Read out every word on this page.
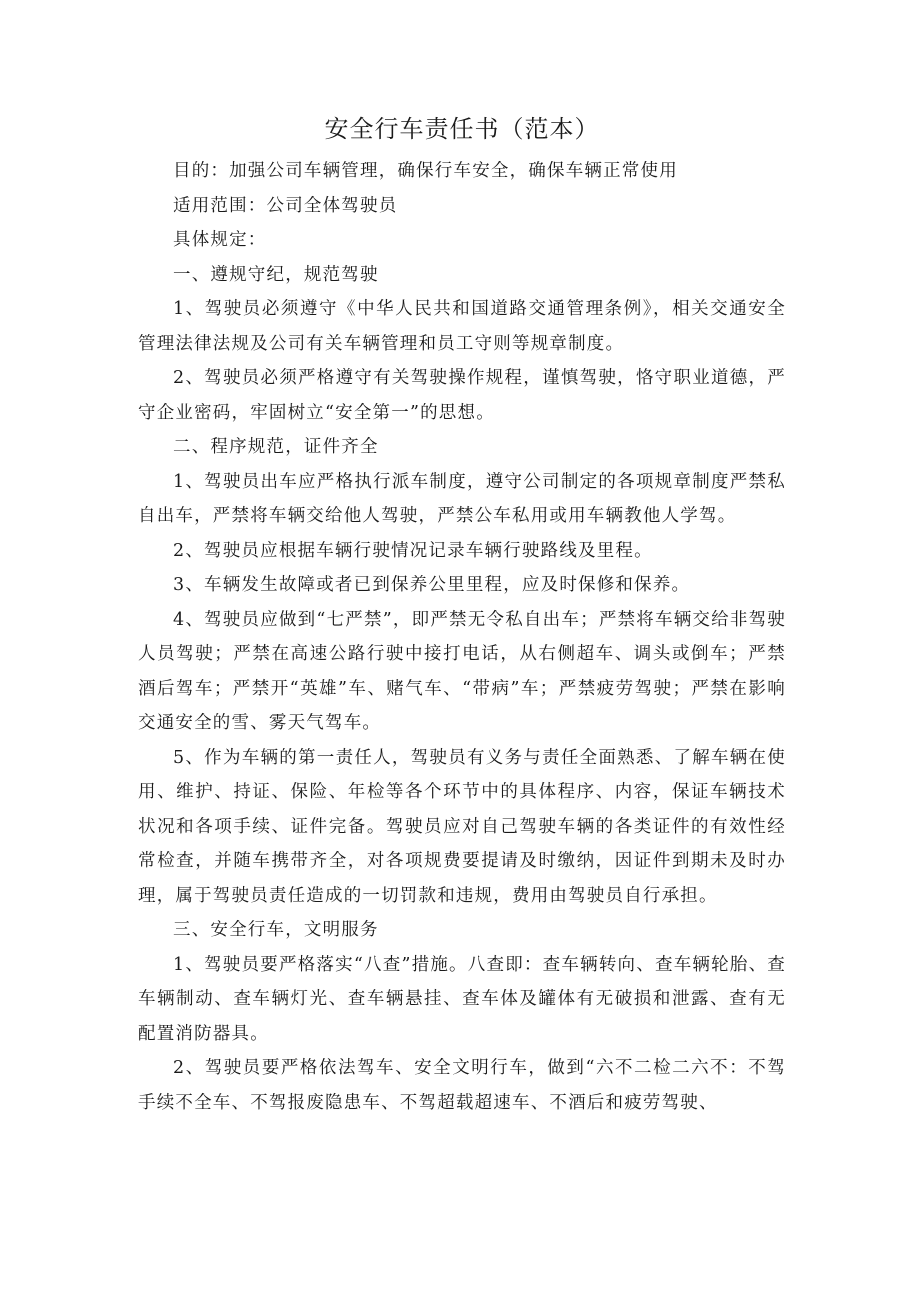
安全行车责任书（范本）

目的：加强公司车辆管理，确保行车安全，确保车辆正常使用

适用范围：公司全体驾驶员

具体规定：

一、遵规守纪，规范驾驶

1、驾驶员必须遵守《中华人民共和国道路交通管理条例》，相关交通安全管理法律法规及公司有关车辆管理和员工守则等规章制度。

2、驾驶员必须严格遵守有关驾驶操作规程，谨慎驾驶，恪守职业道德，严守企业密码，牢固树立“安全第一”的思想。

二、程序规范，证件齐全

1、驾驶员出车应严格执行派车制度，遵守公司制定的各项规章制度严禁私自出车，严禁将车辆交给他人驾驶，严禁公车私用或用车辆教他人学驾。

2、驾驶员应根据车辆行驶情况记录车辆行驶路线及里程。

3、车辆发生故障或者已到保养公里里程，应及时保修和保养。

4、驾驶员应做到“七严禁”，即严禁无令私自出车；严禁将车辆交给非驾驶人员驾驶；严禁在高速公路行驶中接打电话，从右侧超车、调头或倒车；严禁酒后驾车；严禁开“英雄”车、赌气车、“带病”车；严禁疲劳驾驶；严禁在影响交通安全的雪、雾天气驾车。

5、作为车辆的第一责任人，驾驶员有义务与责任全面熟悉、了解车辆在使用、维护、持证、保险、年检等各个环节中的具体程序、内容，保证车辆技术状况和各项手续、证件完备。驾驶员应对自己驾驶车辆的各类证件的有效性经常检查，并随车携带齐全，对各项规费要提请及时缴纳，因证件到期未及时办理，属于驾驶员责任造成的一切罚款和违规，费用由驾驶员自行承担。

三、安全行车，文明服务

1、驾驶员要严格落实“八查”措施。八查即：查车辆转向、查车辆轮胎、查车辆制动、查车辆灯光、查车辆悬挂、查车体及罐体有无破损和泄露、查有无配置消防器具。

2、驾驶员要严格依法驾车、安全文明行车，做到“六不二检二六不：不驾手续不全车、不驾报废隐患车、不驾超载超速车、不酒后和疲劳驾驶、
